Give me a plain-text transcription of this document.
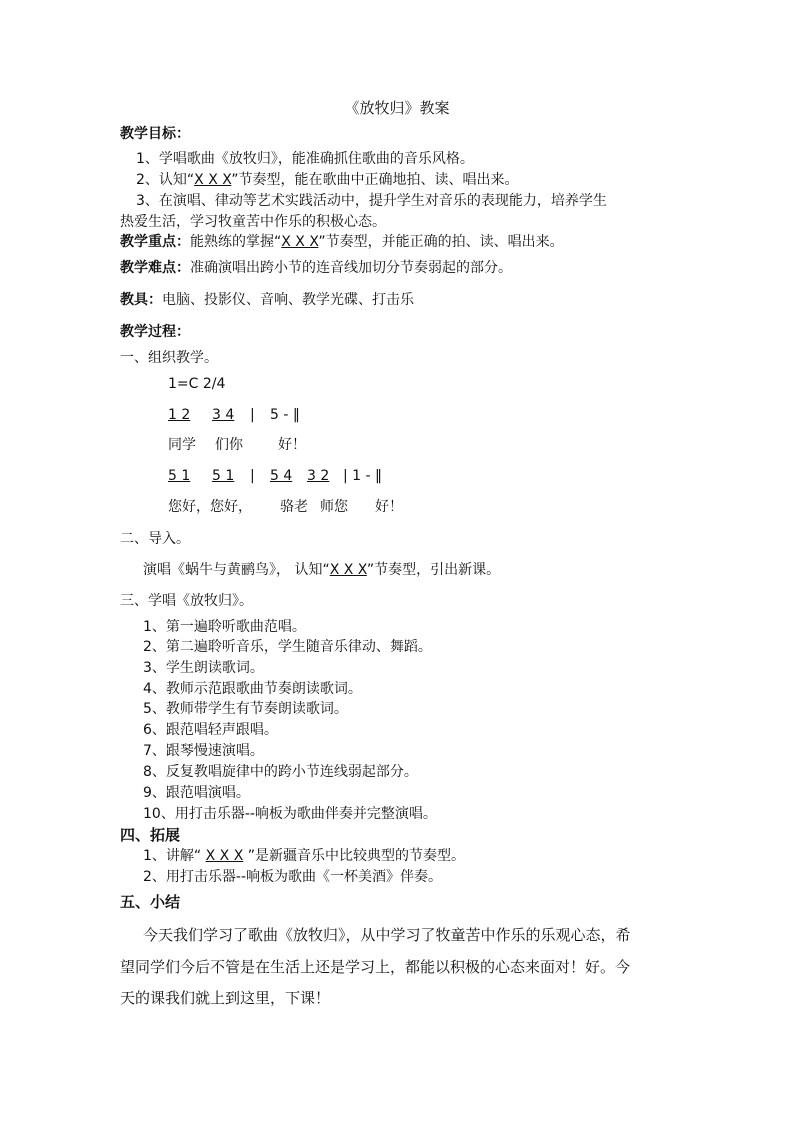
《放牧归》教案
教学目标：
1、学唱歌曲《放牧归》，能准确抓住歌曲的音乐风格。
2、认知“X X X”节奏型，能在歌曲中正确地拍、读、唱出来。
3、在演唱、律动等艺术实践活动中，提升学生对音乐的表现能力，培养学生
热爱生活，学习牧童苦中作乐的积极心态。
教学重点：能熟练的掌握“X X X”节奏型，并能正确的拍、读、唱出来。
教学难点：准确演唱出跨小节的连音线加切分节奏弱起的部分。
教具：电脑、投影仪、音响、教学光碟、打击乐
教学过程：
一、组织教学。
1=C 2/4
1 2 3 4 | 5 - ‖
同学 们你	好！
5 1 5 1 | 5 4 3 2 | 1 - ‖
您好，您好， 骆老 师您 好！
二、导入。
演唱《蜗牛与黄鹂鸟》， 认知“X X X”节奏型，引出新课。
三、学唱《放牧归》。
1、第一遍聆听歌曲范唱。
2、第二遍聆听音乐，学生随音乐律动、舞蹈。
3、学生朗读歌词。
4、教师示范跟歌曲节奏朗读歌词。
5、教师带学生有节奏朗读歌词。
6、跟范唱轻声跟唱。
7、跟琴慢速演唱。
8、反复教唱旋律中的跨小节连线弱起部分。
9、跟范唱演唱。
10、用打击乐器--响板为歌曲伴奏并完整演唱。
四、拓展
1、讲解“ X X X ”是新疆音乐中比较典型的节奏型。
2、用打击乐器--响板为歌曲《一杯美酒》伴奏。
五、小结
今天我们学习了歌曲《放牧归》，从中学习了牧童苦中作乐的乐观心态，希
望同学们今后不管是在生活上还是学习上，都能以积极的心态来面对！好。今
天的课我们就上到这里，下课！
